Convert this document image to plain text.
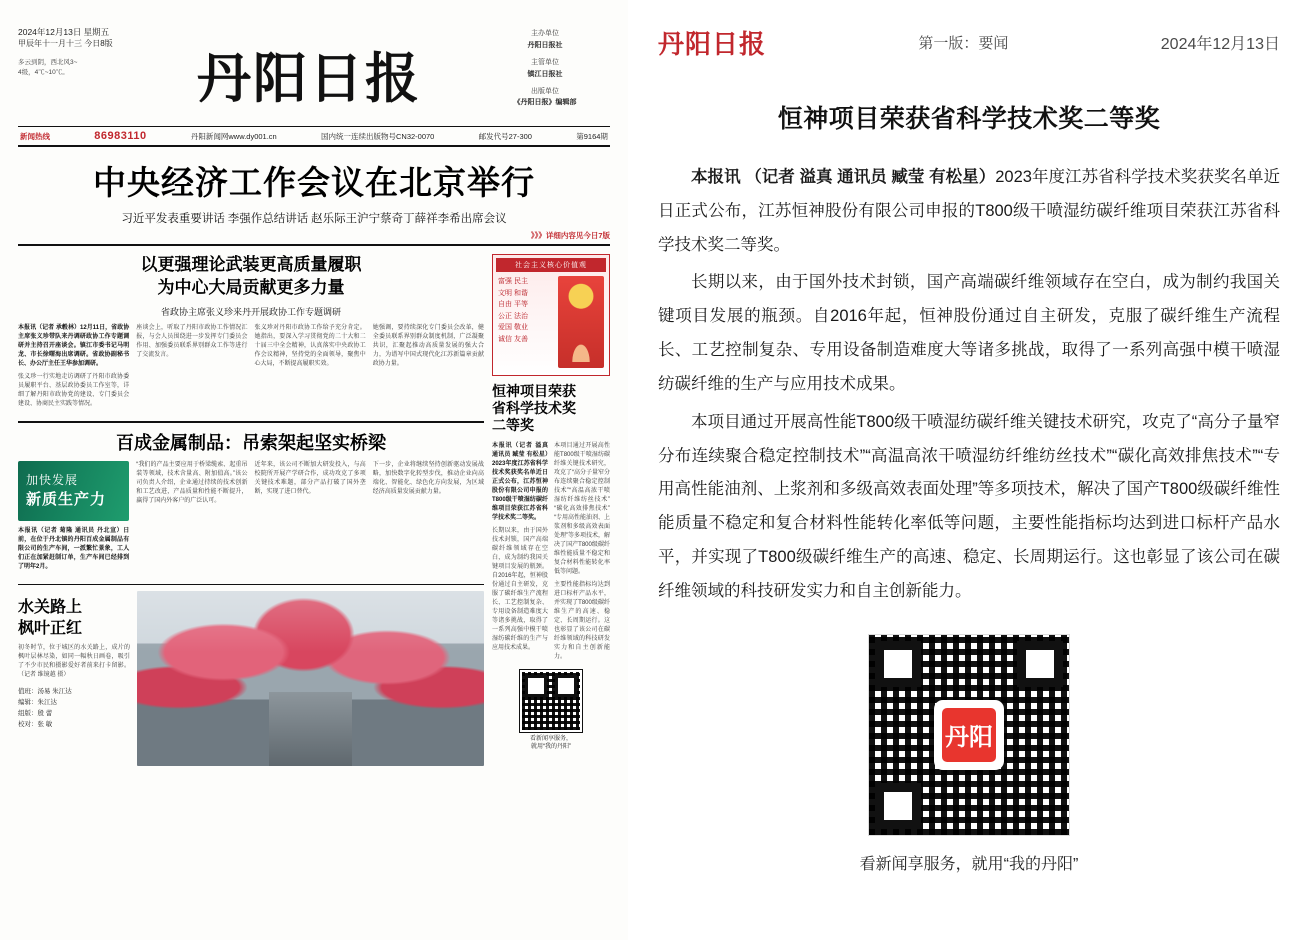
2024年12月13日 星期五
甲辰年十一月十三 今日8版
多云到阴，西北风3~
4级，4℃~10℃。	丹阳日报
主办单位
丹阳日报社
主管单位
镇江日报社
出版单位
《丹阳日报》编辑部
新闻热线	86983110	丹阳新闻网www.dy001.cn	国内统一连续出版物号CN32-0070	邮发代号27-300	第9164期
中央经济工作会议在北京举行
习近平发表重要讲话 李强作总结讲话 赵乐际王沪宁蔡奇丁薛祥李希出席会议
》》》详细内容见今日7版
以更强理论武装更高质量履职
为中心大局贡献更多力量
省政协主席张义珍来丹开展政协工作专题调研

本报讯（记者 承毂林）12月11日，省政协主席张义珍带队来丹调研政协工作专题调研并主持召开座谈会。镇江市委书记马明龙、市长徐曙海出席调研。省政协副秘书长、办公厅主任王华参加调研。

张义珍一行实地走访调研了丹阳市政协委员履职平台、基层政协委员工作室等，详细了解丹阳市政协党的建设、专门委员会建设、协商民主实践等情况。

座谈会上，听取了丹阳市政协工作情况汇报，与会人员围绕进一步发挥专门委员会作用、加强委员联系界别群众工作等进行了交流发言。

张义珍对丹阳市政协工作给予充分肯定。她指出，要深入学习贯彻党的二十大和二十届三中全会精神，认真落实中央政协工作会议精神，坚持党的全面领导，聚焦中心大局，不断提高履职实效。

她强调，要持续深化专门委员会改革，健全委员联系界别群众制度机制，广泛凝聚共识，汇聚起推动高质量发展的强大合力，为谱写中国式现代化江苏新篇章贡献政协力量。

百成金属制品：吊索架起坚实桥梁
加快发展
新质生产力

本报讯（记者 菊隆 通讯员 丹北宣）日前，在位于丹北镇的丹阳百成金属制品有限公司的生产车间，一派繁忙景象，工人们正在加紧赶制订单，生产车间已经排到了明年2月。

“我们的产品主要应用于桥梁缆索、起重吊装等领域，技术含量高、附加值高。”该公司负责人介绍，企业通过持续的技术创新和工艺改进，产品质量和性能不断提升，赢得了国内外客户的广泛认可。

近年来，该公司不断加大研发投入，与高校院所开展产学研合作，成功攻克了多项关键技术难题，部分产品打破了国外垄断，实现了进口替代。

下一步，企业将继续坚持创新驱动发展战略，加快数字化转型步伐，推动企业向高端化、智能化、绿色化方向发展，为区域经济高质量发展贡献力量。

水关路上
枫叶正红

初冬时节，位于城区的水关路上，成片的枫叶层林尽染，如同一幅秋日画卷，吸引了不少市民和摄影爱好者前来打卡留影。（记者 维镜越 摄）

值班：汤易 朱江达
编辑：朱江达
组版：殷 蕾
校对：张 敏
社会主义核心价值观
富强 民主
文明 和谐
自由 平等
公正 法治
爱国 敬业
诚信 友善
恒神项目荣获
省科学技术奖
二等奖

本报讯（记者 溢真 通讯员 臧莹 有松星）2023年度江苏省科学技术奖获奖名单近日正式公布，江苏恒神股份有限公司申报的T800级干喷湿纺碳纤维项目荣获江苏省科学技术奖二等奖。

长期以来，由于国外技术封锁，国产高端碳纤维领域存在空白，成为制约我国关键项目发展的瓶颈。自2016年起，恒神股份通过自主研发，克服了碳纤维生产流程长、工艺控制复杂、专用设备制造难度大等诸多挑战，取得了一系列高强中模干喷湿纺碳纤维的生产与应用技术成果。

本项目通过开展高性能T800级干喷湿纺碳纤维关键技术研究，攻克了“高分子量窄分布连续聚合稳定控制技术”“高温高浓干喷湿纺纤维纺丝技术”“碳化高效排焦技术”“专用高性能油剂、上浆剂和多级高效表面处理”等多项技术，解决了国产T800级碳纤维性能质量不稳定和复合材料性能转化率低等问题。

主要性能指标均达到进口标杆产品水平，并实现了T800级碳纤维生产的高速、稳定、长周期运行。这也彰显了该公司在碳纤维领域的科技研发实力和自主创新能力。

看新闻享服务，
就用“我的丹阳”
丹阳日报	第一版：要闻	2024年12月13日
恒神项目荣获省科学技术奖二等奖

本报讯 （记者 溢真 通讯员 臧莹 有松星）2023年度江苏省科学技术奖获奖名单近日正式公布，江苏恒神股份有限公司申报的T800级干喷湿纺碳纤维项目荣获江苏省科学技术奖二等奖。

长期以来，由于国外技术封锁，国产高端碳纤维领域存在空白，成为制约我国关键项目发展的瓶颈。自2016年起，恒神股份通过自主研发，克服了碳纤维生产流程长、工艺控制复杂、专用设备制造难度大等诸多挑战，取得了一系列高强中模干喷湿纺碳纤维的生产与应用技术成果。

本项目通过开展高性能T800级干喷湿纺碳纤维关键技术研究，攻克了“高分子量窄分布连续聚合稳定控制技术”“高温高浓干喷湿纺纤维纺丝技术”“碳化高效排焦技术”“专用高性能油剂、上浆剂和多级高效表面处理”等多项技术，解决了国产T800级碳纤维性能质量不稳定和复合材料性能转化率低等问题，主要性能指标均达到进口标杆产品水平，并实现了T800级碳纤维生产的高速、稳定、长周期运行。这也彰显了该公司在碳纤维领域的科技研发实力和自主创新能力。

丹阳
看新闻享服务，就用“我的丹阳”
